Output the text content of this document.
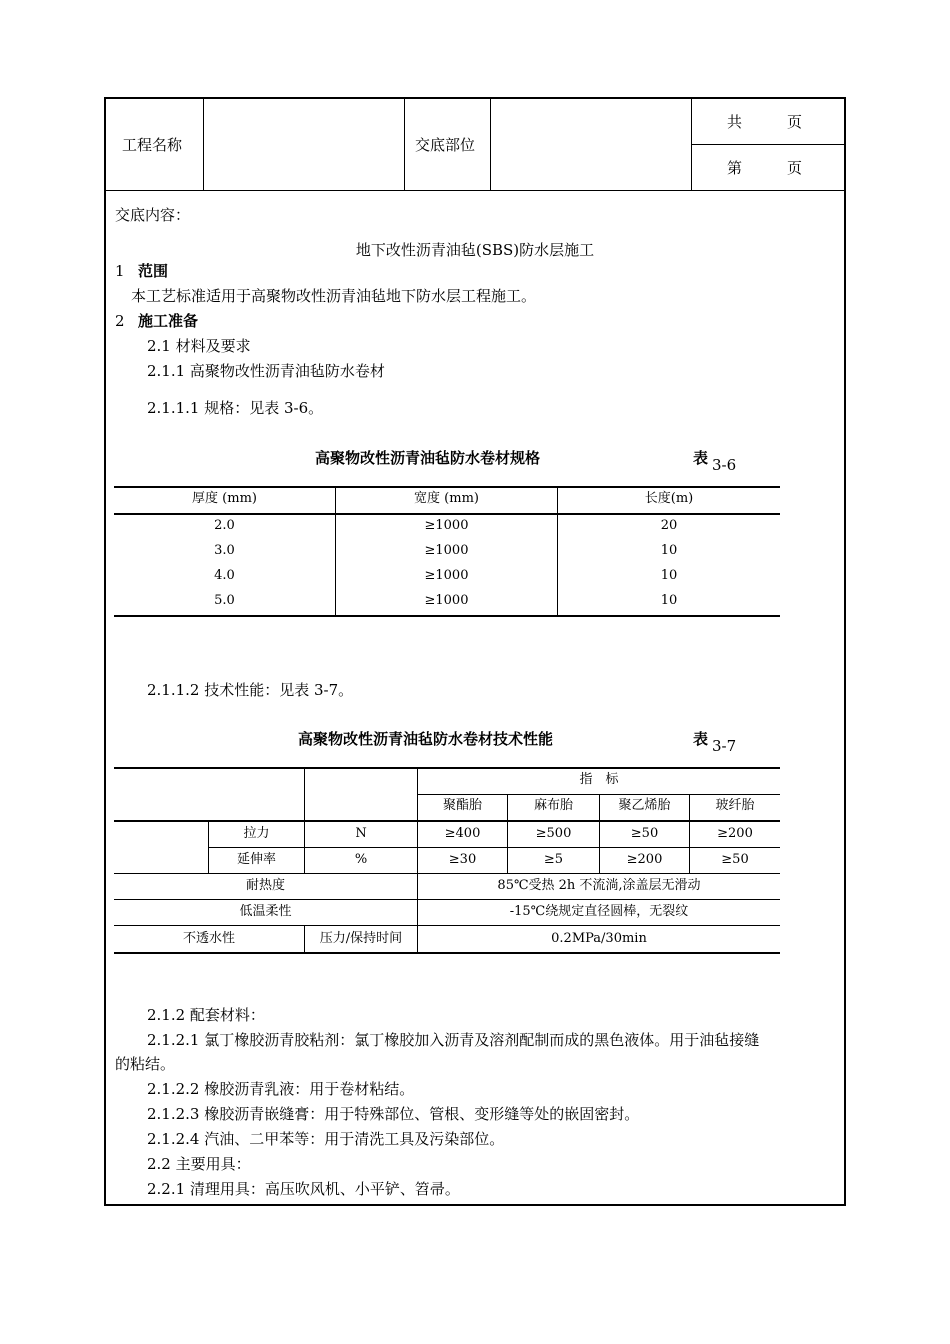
工程名称	交底部位
共　　　页
第　　　页
交底内容：
地下改性沥青油毡(SBS)防水层施工
1 范围
本工艺标准适用于高聚物改性沥青油毡地下防水层工程施工。
2 施工准备
2.1 材料及要求
2.1.1 高聚物改性沥青油毡防水卷材
2.1.1.1 规格：见表 3-6。
高聚物改性沥青油毡防水卷材规格	表 3-6
厚度 (mm)	宽度 (mm)	长度(m)
2.0	≥1000	20
3.0	≥1000	10
4.0	≥1000	10
5.0	≥1000	10
2.1.1.2 技术性能：见表 3-7。
高聚物改性沥青油毡防水卷材技术性能	表 3-7
指　标
聚酯胎	麻布胎	聚乙烯胎	玻纤胎
拉力	N	≥400	≥500	≥50	≥200
延伸率	%	≥30	≥5	≥200	≥50
耐热度	85℃受热 2h 不流淌,涂盖层无滑动
低温柔性	-15℃绕规定直径圆棒，无裂纹
不透水性	压力/保持时间	0.2MPa/30min
2.1.2 配套材料：
2.1.2.1 氯丁橡胶沥青胶粘剂：氯丁橡胶加入沥青及溶剂配制而成的黑色液体。用于油毡接缝
的粘结。
2.1.2.2 橡胶沥青乳液：用于卷材粘结。
2.1.2.3 橡胶沥青嵌缝膏：用于特殊部位、管根、变形缝等处的嵌固密封。
2.1.2.4 汽油、二甲苯等：用于清洗工具及污染部位。
2.2 主要用具：
2.2.1 清理用具：高压吹风机、小平铲、笤帚。
